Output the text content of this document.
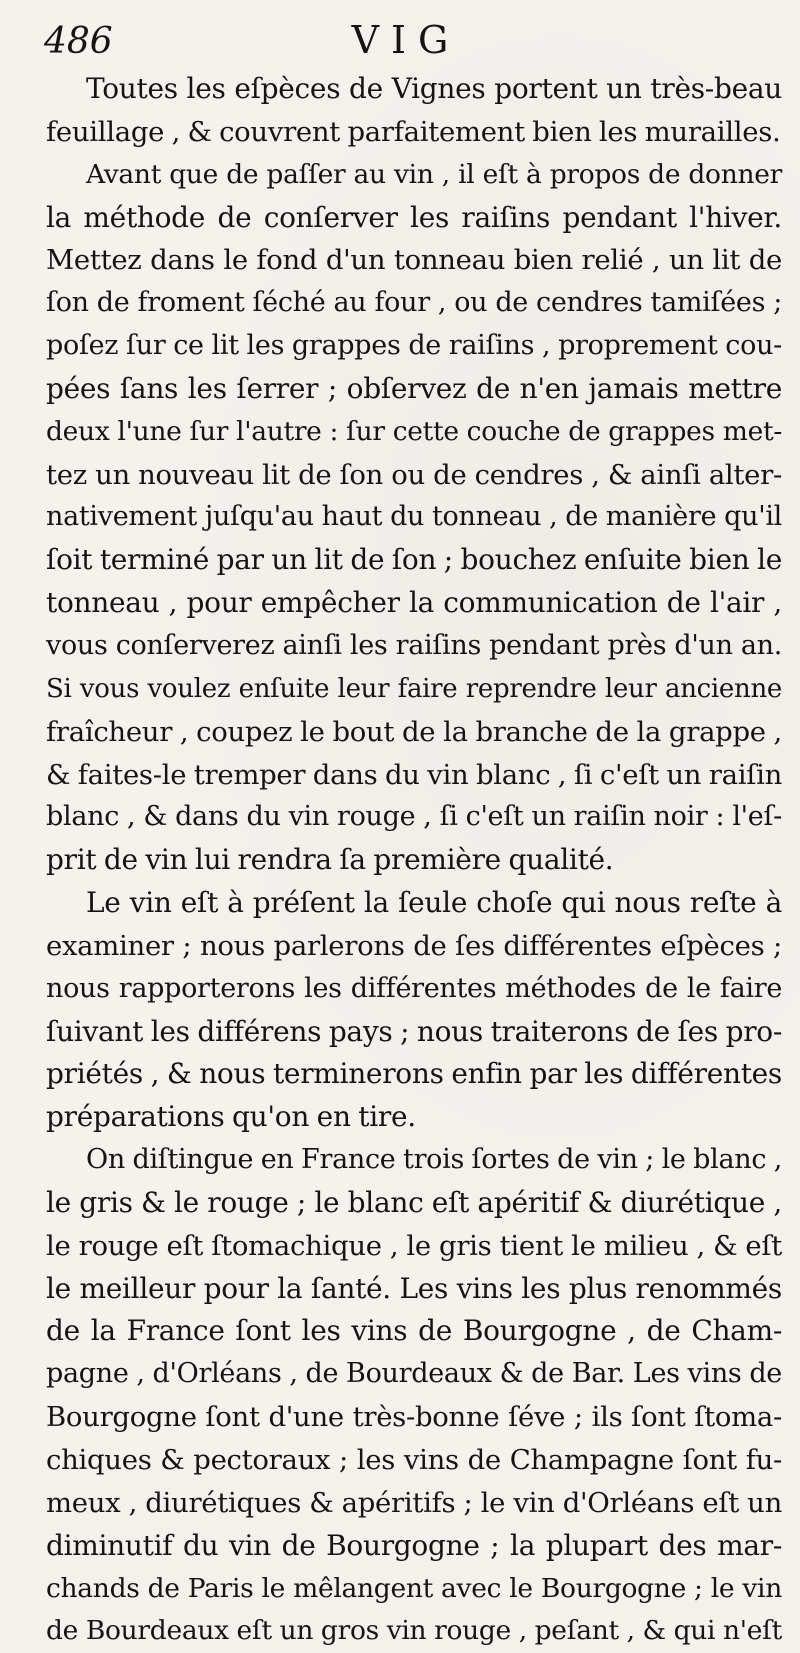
486	VIG
Toutes les eſpèces de Vignes portent un très-beau
feuillage , & couvrent parfaitement bien les murailles.
Avant que de paſſer au vin , il eſt à propos de donner
la méthode de conſerver les raiſins pendant l'hiver.
Mettez dans le fond d'un tonneau bien relié , un lit de
ſon de froment ſéché au four , ou de cendres tamiſées ;
poſez ſur ce lit les grappes de raiſins , proprement cou-
pées ſans les ſerrer ; obſervez de n'en jamais mettre
deux l'une ſur l'autre : ſur cette couche de grappes met-
tez un nouveau lit de ſon ou de cendres , & ainſi alter-
nativement juſqu'au haut du tonneau , de manière qu'il
ſoit terminé par un lit de ſon ; bouchez enſuite bien le
tonneau , pour empêcher la communication de l'air ,
vous conſerverez ainſi les raiſins pendant près d'un an.
Si vous voulez enſuite leur faire reprendre leur ancienne
fraîcheur , coupez le bout de la branche de la grappe ,
& faites-le tremper dans du vin blanc , ſi c'eſt un raiſin
blanc , & dans du vin rouge , ſi c'eſt un raiſin noir : l'eſ-
prit de vin lui rendra ſa première qualité.
Le vin eſt à préſent la ſeule choſe qui nous reſte à
examiner ; nous parlerons de ſes différentes eſpèces ;
nous rapporterons les différentes méthodes de le faire
ſuivant les différens pays ; nous traiterons de ſes pro-
priétés , & nous terminerons enfin par les différentes
préparations qu'on en tire.
On diſtingue en France trois ſortes de vin ; le blanc ,
le gris & le rouge ; le blanc eſt apéritif & diurétique ,
le rouge eſt ſtomachique , le gris tient le milieu , & eſt
le meilleur pour la ſanté. Les vins les plus renommés
de la France ſont les vins de Bourgogne , de Cham-
pagne , d'Orléans , de Bourdeaux & de Bar. Les vins de
Bourgogne ſont d'une très-bonne ſéve ; ils ſont ſtoma-
chiques & pectoraux ; les vins de Champagne ſont fu-
meux , diurétiques & apéritifs ; le vin d'Orléans eſt un
diminutif du vin de Bourgogne ; la plupart des mar-
chands de Paris le mêlangent avec le Bourgogne ; le vin
de Bourdeaux eſt un gros vin rouge , peſant , & qui n'eſt
